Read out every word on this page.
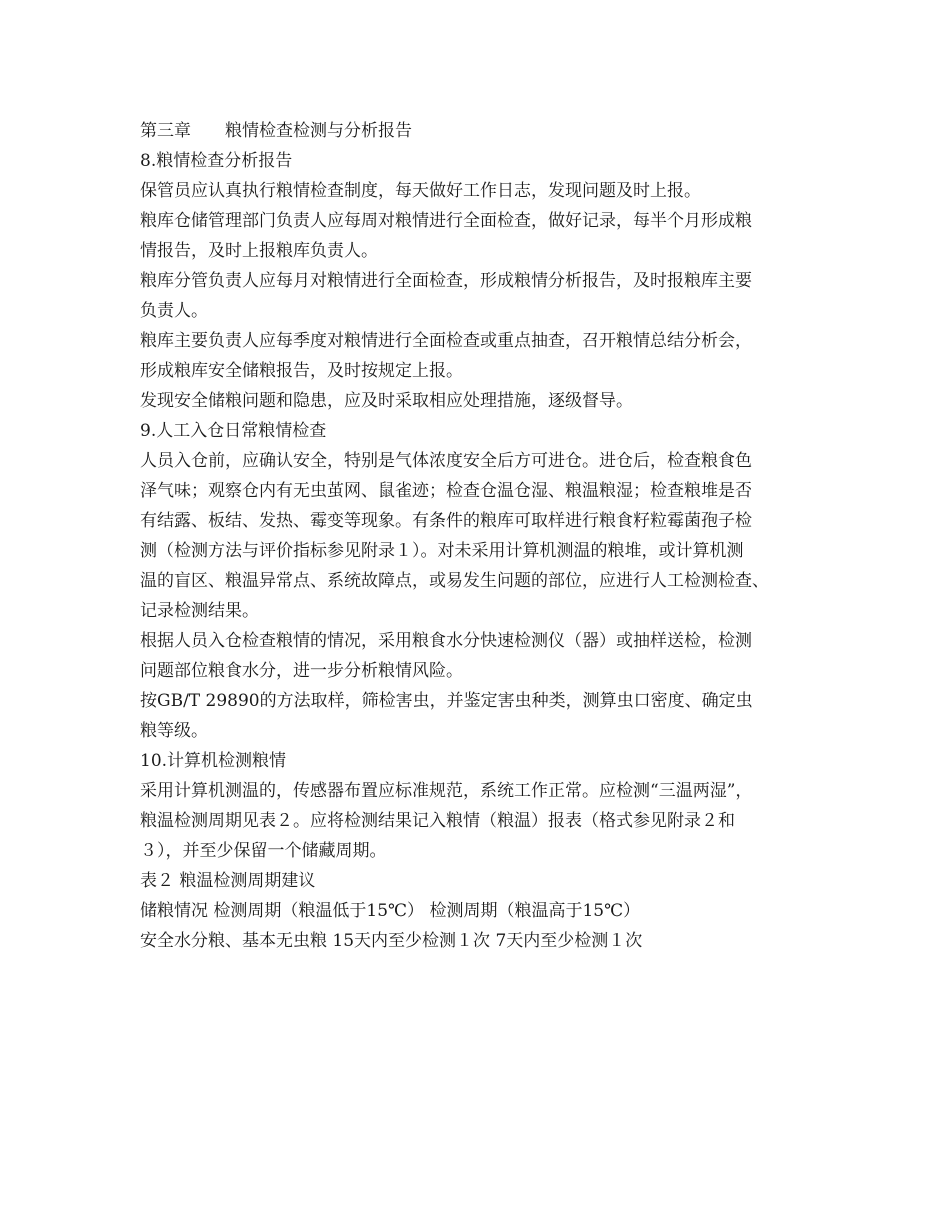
第三章　　粮情检查检测与分析报告
8.粮情检查分析报告
保管员应认真执行粮情检查制度，每天做好工作日志，发现问题及时上报。
粮库仓储管理部门负责人应每周对粮情进行全面检查，做好记录，每半个月形成粮
情报告，及时上报粮库负责人。
粮库分管负责人应每月对粮情进行全面检查，形成粮情分析报告，及时报粮库主要
负责人。
粮库主要负责人应每季度对粮情进行全面检查或重点抽查，召开粮情总结分析会，
形成粮库安全储粮报告，及时按规定上报。
发现安全储粮问题和隐患，应及时采取相应处理措施，逐级督导。
9.人工入仓日常粮情检查
人员入仓前，应确认安全，特别是气体浓度安全后方可进仓。进仓后，检查粮食色
泽气味；观察仓内有无虫茧网、鼠雀迹；检查仓温仓湿、粮温粮湿；检查粮堆是否
有结露、板结、发热、霉变等现象。有条件的粮库可取样进行粮食籽粒霉菌孢子检
测（检测方法与评价指标参见附录１）。对未采用计算机测温的粮堆，或计算机测
温的盲区、粮温异常点、系统故障点，或易发生问题的部位，应进行人工检测检查、
记录检测结果。
根据人员入仓检查粮情的情况，采用粮食水分快速检测仪（器）或抽样送检，检测
问题部位粮食水分，进一步分析粮情风险。
按GB/T 29890的方法取样，筛检害虫，并鉴定害虫种类，测算虫口密度、确定虫
粮等级。
10.计算机检测粮情
采用计算机测温的，传感器布置应标准规范，系统工作正常。应检测“三温两湿”，
粮温检测周期见表２。应将检测结果记入粮情（粮温）报表（格式参见附录２和
３），并至少保留一个储藏周期。
表２ 粮温检测周期建议
储粮情况 检测周期（粮温低于15℃） 检测周期（粮温高于15℃）
安全水分粮、基本无虫粮 15天内至少检测１次 7天内至少检测１次
